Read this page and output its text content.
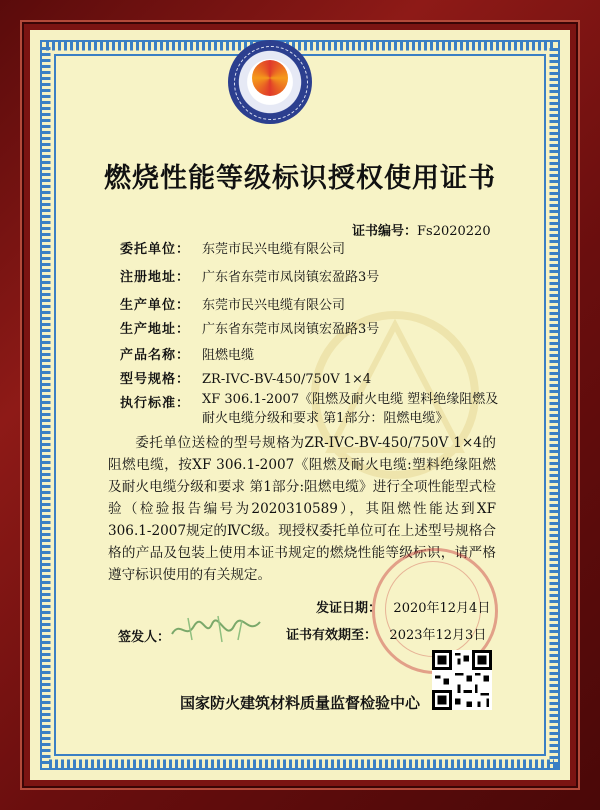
燃烧性能等级标识授权使用证书
证书编号：Fs2020220
委托单位： 东莞市民兴电缆有限公司
注册地址： 广东省东莞市凤岗镇宏盈路3号
生产单位： 东莞市民兴电缆有限公司
生产地址： 广东省东莞市凤岗镇宏盈路3号
产品名称： 阻燃电缆
型号规格： ZR-IVC-BV-450/750V 1×4
执行标准： XF 306.1-2007《阻燃及耐火电缆 塑料绝缘阻燃及耐火电缆分级和要求 第1部分：阻燃电缆》
委托单位送检的型号规格为ZR-IVC-BV-450/750V 1×4的阻燃电缆，按XF 306.1-2007《阻燃及耐火电缆:塑料绝缘阻燃及耐火电缆分级和要求 第1部分:阻燃电缆》进行全项性能型式检验（检验报告编号为2020310589），其阻燃性能达到XF 306.1-2007规定的ⅣC级。现授权委托单位可在上述型号规格合格的产品及包装上使用本证书规定的燃烧性能等级标识，请严格遵守标识使用的有关规定。
发证日期： 2020年12月4日
签发人：	证书有效期至： 2023年12月3日
国家防火建筑材料质量监督检验中心
